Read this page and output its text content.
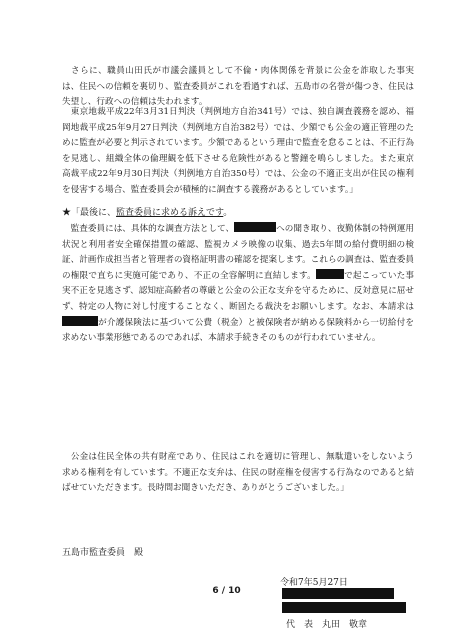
　さらに、職員山田氏が市議会議員として不倫・肉体関係を背景に公金を詐取した事実は、住民への信頼を裏切り、監査委員がこれを看過すれば、五島市の名誉が傷つき、住民は失望し、行政への信頼は失われます。

　東京地裁平成22年3月31日判決（判例地方自治341号）では、独自調査義務を認め、福岡地裁平成25年9月27日判決（判例地方自治382号）では、少額でも公金の適正管理のために監査が必要と判示されています。少額であるという理由で監査を怠ることは、不正行為を見逃し、組織全体の倫理観を低下させる危険性があると警鐘を鳴らしました。また東京高裁平成22年9月30日判決（判例地方自治350号）では、公金の不適正支出が住民の権利を侵害する場合、監査委員会が積極的に調査する義務があるとしています。」

★「最後に、監査委員に求める訴えです。

　監査委員には、具体的な調査方法として、	への聞き取り、夜勤体制の特例運用状況と利用者安全確保措置の確認、監視カメラ映像の収集、過去5年間の給付費明細の検証、計画作成担当者と管理者の資格証明書の確認を提案します。これらの調査は、監査委員の権限で直ちに実施可能であり、不正の全容解明に直結します。	で起こっていた事実不正を見逃さず、認知症高齢者の尊厳と公金の公正な支弁を守るために、反対意見に屈せず、特定の人物に対し忖度することなく、断固たる裁決をお願いします。なお、本請求はが介護保険法に基づいて公費（税金）と被保険者が納める保険料から一切給付を求めない事業形態であるのであれば、本請求手続きそのものが行われていません。

　公金は住民全体の共有財産であり、住民はこれを適切に管理し、無駄遣いをしないよう求める権利を有しています。不適正な支弁は、住民の財産権を侵害する行為なのであると結ばせていただきます。長時間お聞きいただき、ありがとうございました。」

五島市監査委員　殿
令和7年5月27日
代　表　丸田　敬章
6 / 10
